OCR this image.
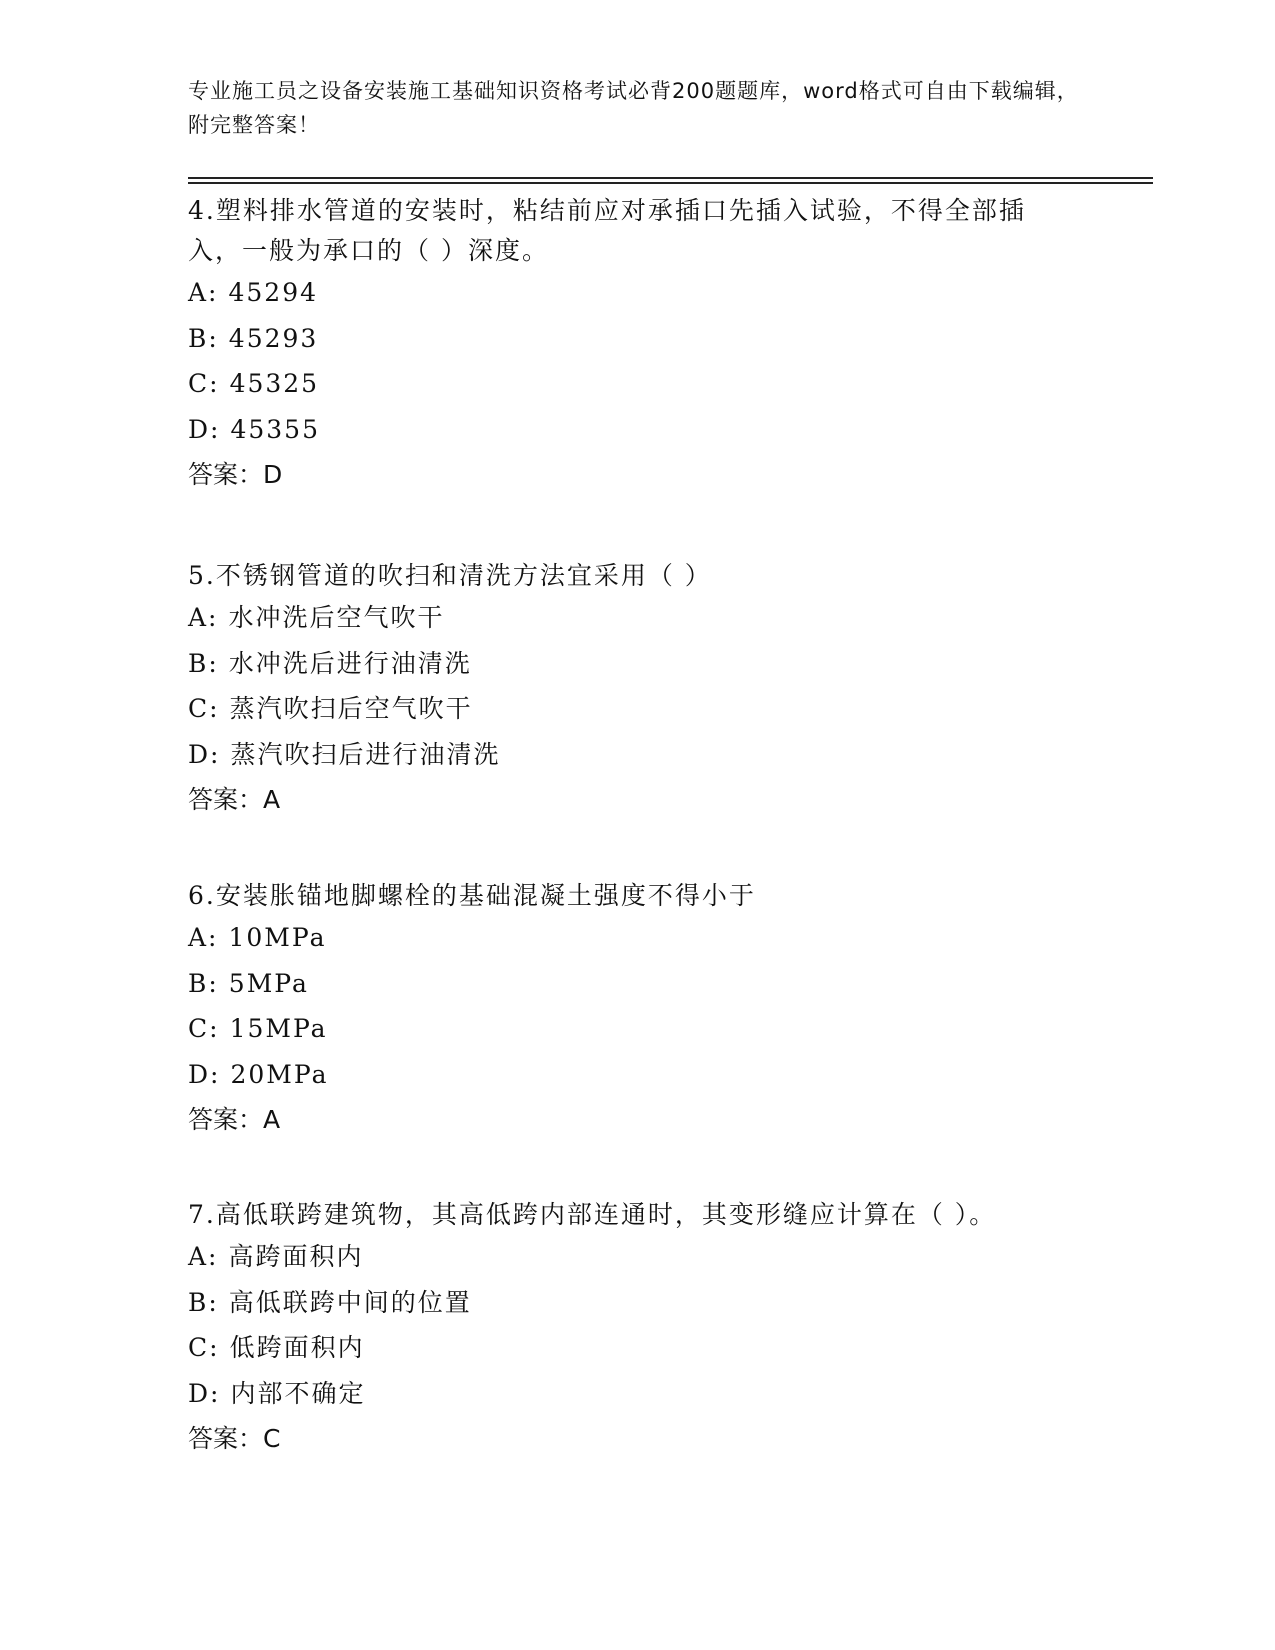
专业施工员之设备安装施工基础知识资格考试必背200题题库，word格式可自由下载编辑，附完整答案！
4.塑料排水管道的安装时，粘结前应对承插口先插入试验，不得全部插入，一般为承口的（ ）深度。
A: 45294
B: 45293
C: 45325
D: 45355
答案：D
5.不锈钢管道的吹扫和清洗方法宜采用（ ）
A: 水冲洗后空气吹干
B: 水冲洗后进行油清洗
C: 蒸汽吹扫后空气吹干
D: 蒸汽吹扫后进行油清洗
答案：A
6.安装胀锚地脚螺栓的基础混凝土强度不得小于
A: 10MPa
B: 5MPa
C: 15MPa
D: 20MPa
答案：A
7.高低联跨建筑物，其高低跨内部连通时，其变形缝应计算在（ ）。
A: 高跨面积内
B: 高低联跨中间的位置
C: 低跨面积内
D: 内部不确定
答案：C
